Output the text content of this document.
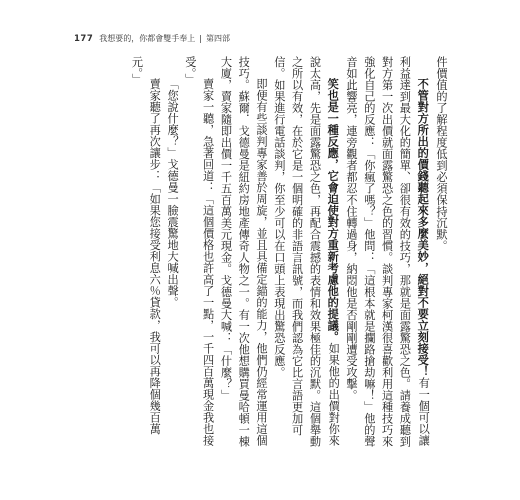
177 我想要的，你都會雙手奉上 | 第四部

件價值的了解程度低到必須保持沉默。

不管對方所出的價錢聽起來多麼美妙，絕對不要立刻接受！有一個可以讓利益達到最大化的簡單、卻很有效的技巧，那就是面露驚恐之色。請養成聽到對方第一次出價就面露驚恐之色的習慣。談判專家柯漢很喜歡利用這種技巧來強化自己的反應：「你瘋了嗎？」他問：「這根本就是攔路搶劫嘛！」他的聲音如此響亮，連旁觀者都忍不住轉過身，納悶他是否剛剛遭受攻擊。

笑也是一種反應，它會迫使對方重新考慮他的提議。如果他的出價對你來說太高，先是面露驚恐之色，再配合震撼的表情和效果極佳的沉默。這個舉動之所以有效，在於它是一個明確的非語言訊號，而我們認為它比言語更加可信。如果進行電話談判，你至少可以在口頭上表現出驚恐反應。

即便有些談判專家善於周旋，並且具備定錨的能力，他們仍經常運用這個技巧。蘇爾．戈德曼是紐約房地產傳奇人物之一。有一次他想購買曼哈頓一棟大廈，賣家隨即出價一千五百萬美元現金。戈德曼大喊：「什麼？」

賣家一聽，急著回道：「這個價格也許高了一點，一千四百萬現金我也接受。」

「您說什麼？」戈德曼一臉震驚地大喊出聲。

賣家聽了再次讓步：「如果您接受利息六％貸款，我可以再降個幾百萬元。」
